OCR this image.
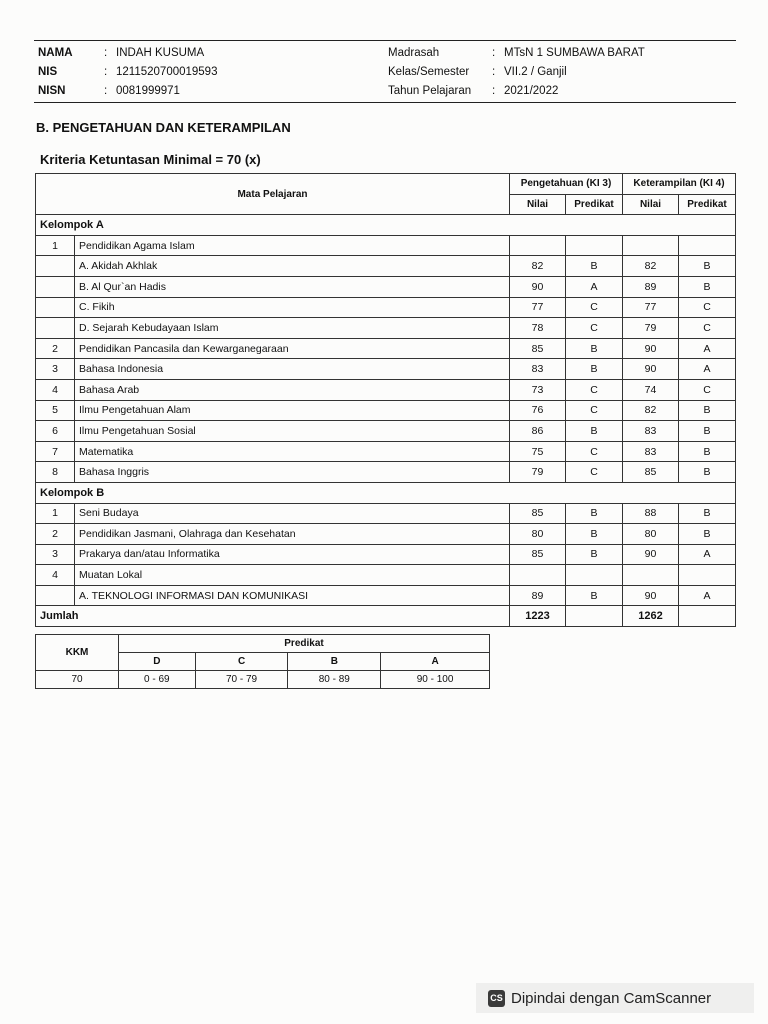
NAMA	: INDAH KUSUMA	Madrasah	: MTsN 1 SUMBAWA BARAT
NIS	: 1211520700019593	Kelas/Semester	: VII.2 / Ganjil
NISN	: 0081999971	Tahun Pelajaran	: 2021/2022
B. PENGETAHUAN DAN KETERAMPILAN
Kriteria Ketuntasan Minimal = 70 (x)
Mata Pelajaran		Pengetahuan (KI 3)		Keterampilan (KI 4)	
		Nilai	Predikat	Nilai	Predikat
Kelompok A					
1	Pendidikan Agama Islam				
	A. Akidah Akhlak	82	B	82	B
	B. Al Qur`an Hadis	90	A	89	B
	C. Fikih	77	C	77	C
	D. Sejarah Kebudayaan Islam	78	C	79	C
2	Pendidikan Pancasila dan Kewarganegaraan	85	B	90	A
3	Bahasa Indonesia	83	B	90	A
4	Bahasa Arab	73	C	74	C
5	Ilmu Pengetahuan Alam	76	C	82	B
6	Ilmu Pengetahuan Sosial	86	B	83	B
7	Matematika	75	C	83	B
8	Bahasa Inggris	79	C	85	B
Kelompok B					
1	Seni Budaya	85	B	88	B
2	Pendidikan Jasmani, Olahraga dan Kesehatan	80	B	80	B
3	Prakarya dan/atau Informatika	85	B	90	A
4	Muatan Lokal				
	A. TEKNOLOGI INFORMASI DAN KOMUNIKASI	89	B	90	A
Jumlah		1223		1262	
KKM	Predikat			
	D	C	B	A
70	0 - 69	70 - 79	80 - 89	90 - 100
CS Dipindai dengan CamScanner
